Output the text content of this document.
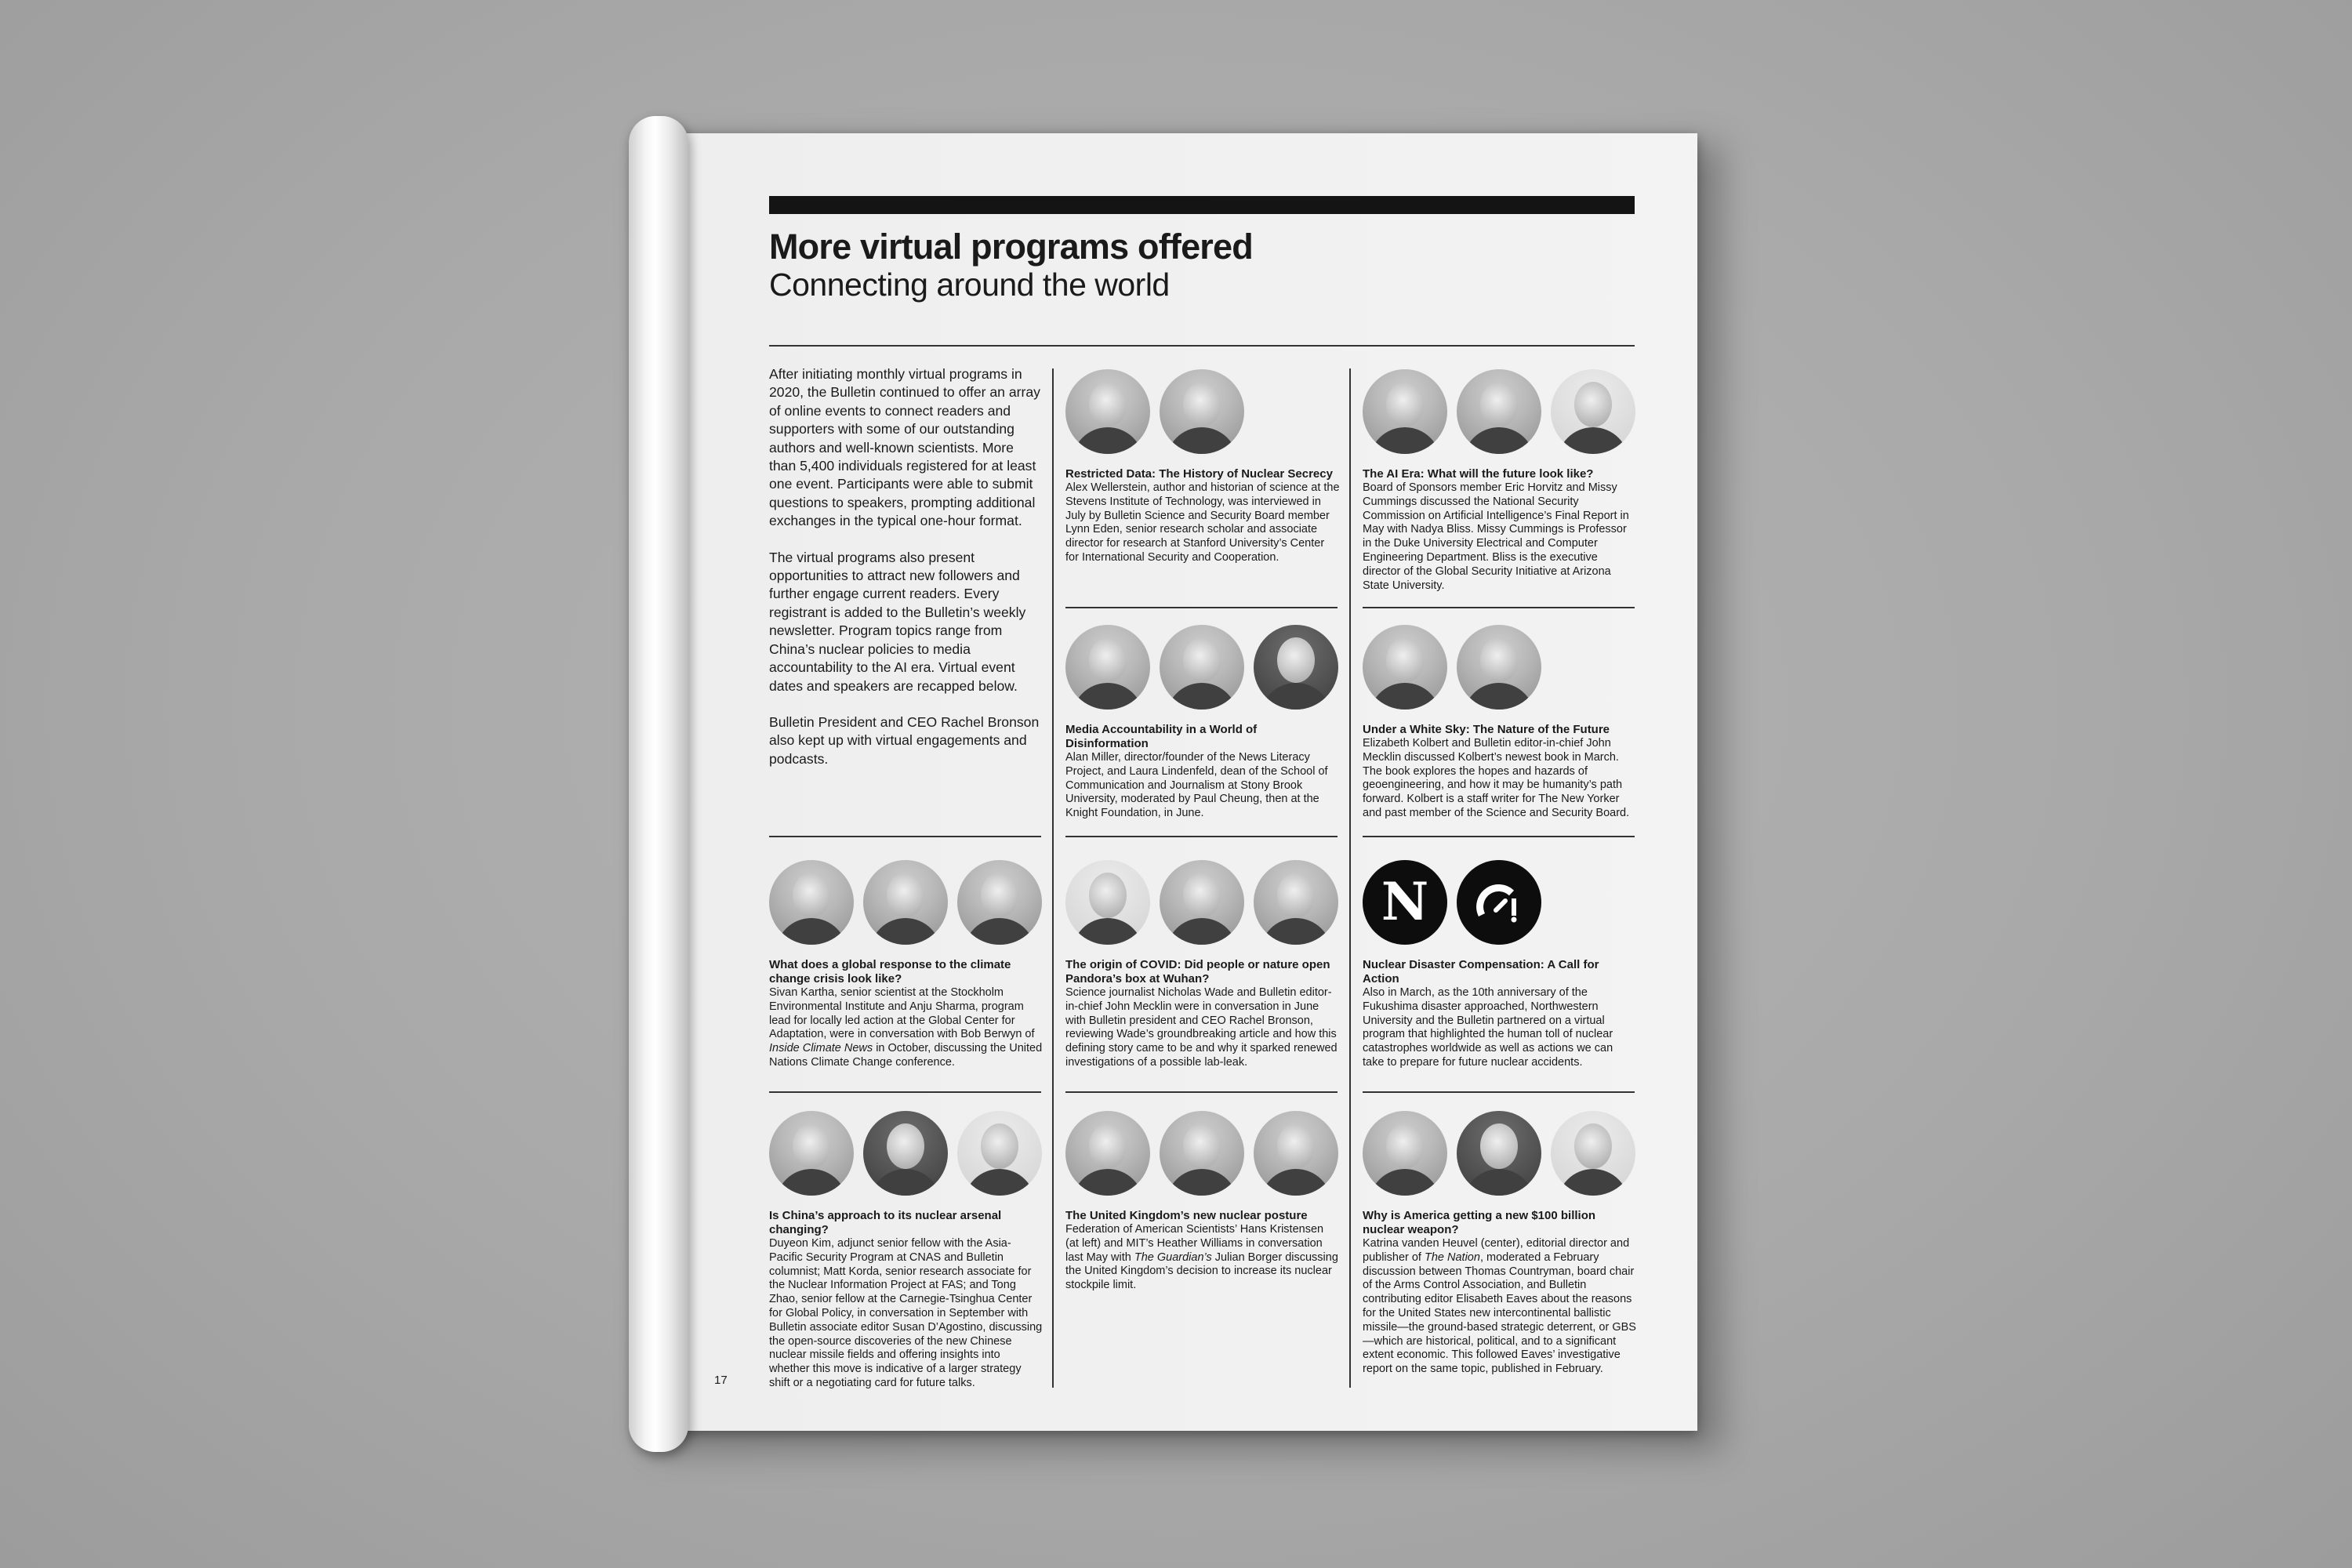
More virtual programs offered
Connecting around the world

After initiating monthly virtual programs in 2020, the Bulletin continued to offer an array of online events to connect readers and supporters with some of our outstanding authors and well-known scientists. More than 5,400 individuals registered for at least one event. Participants were able to submit questions to speakers, prompting additional exchanges in the typical one-hour format.

The virtual programs also present opportunities to attract new followers and further engage current readers. Every registrant is added to the Bulletin’s weekly newsletter. Program topics range from China’s nuclear policies to media accountability to the AI era. Virtual event dates and speakers are recapped below.

Bulletin President and CEO Rachel Bronson also kept up with virtual engagements and podcasts.

Restricted Data: The History of Nuclear Secrecy
Alex Wellerstein, author and historian of science at the Stevens Institute of Technology, was interviewed in July by Bulletin Science and Security Board member Lynn Eden, senior research scholar and associate director for research at Stanford University’s Center for International Security and Cooperation.
The AI Era: What will the future look like?
Board of Sponsors member Eric Horvitz and Missy Cummings discussed the National Security Commission on Artificial Intelligence’s Final Report in May with Nadya Bliss. Missy Cummings is Professor in the Duke University Electrical and Computer Engineering Department. Bliss is the executive director of the Global Security Initiative at Arizona State University.
Media Accountability in a World of Disinformation
Alan Miller, director/founder of the News Literacy Project, and Laura Lindenfeld, dean of the School of Communication and Journalism at Stony Brook University, moderated by Paul Cheung, then at the Knight Foundation, in June.
Under a White Sky: The Nature of the Future
Elizabeth Kolbert and Bulletin editor-in-chief John Mecklin discussed Kolbert’s newest book in March. The book explores the hopes and hazards of geoengineering, and how it may be humanity’s path forward. Kolbert is a staff writer for The New Yorker and past member of the Science and Security Board.
What does a global response to the climate change crisis look like?
Sivan Kartha, senior scientist at the Stockholm Environmental Institute and Anju Sharma, program lead for locally led action at the Global Center for Adaptation, were in conversation with Bob Berwyn of Inside Climate News in October, discussing the United Nations Climate Change conference.
The origin of COVID: Did people or nature open Pandora’s box at Wuhan?
Science journalist Nicholas Wade and Bulletin editor-in-chief John Mecklin were in conversation in June with Bulletin president and CEO Rachel Bronson, reviewing Wade’s groundbreaking article and how this defining story came to be and why it sparked renewed investigations of a possible lab-leak.
N
Nuclear Disaster Compensation: A Call for Action
Also in March, as the 10th anniversary of the Fukushima disaster approached, Northwestern University and the Bulletin partnered on a virtual program that highlighted the human toll of nuclear catastrophes worldwide as well as actions we can take to prepare for future nuclear accidents.
Is China’s approach to its nuclear arsenal changing?
Duyeon Kim, adjunct senior fellow with the Asia-Pacific Security Program at CNAS and Bulletin columnist; Matt Korda, senior research associate for the Nuclear Information Project at FAS; and Tong Zhao, senior fellow at the Carnegie-Tsinghua Center for Global Policy, in conversation in September with Bulletin associate editor Susan D’Agostino, discussing the open-source discoveries of the new Chinese nuclear missile fields and offering insights into whether this move is indicative of a larger strategy shift or a negotiating card for future talks.
The United Kingdom’s new nuclear posture
Federation of American Scientists’ Hans Kristensen (at left) and MIT’s Heather Williams in conversation last May with The Guardian’s Julian Borger discussing the United Kingdom’s decision to increase its nuclear stockpile limit.
Why is America getting a new $100 billion nuclear weapon?
Katrina vanden Heuvel (center), editorial director and publisher of The Nation, moderated a February discussion between Thomas Countryman, board chair of the Arms Control Association, and Bulletin contributing editor Elisabeth Eaves about the reasons for the United States new intercontinental ballistic missile—the ground-based strategic deterrent, or GBS—which are historical, political, and to a significant extent economic. This followed Eaves’ investigative report on the same topic, published in February.
17
